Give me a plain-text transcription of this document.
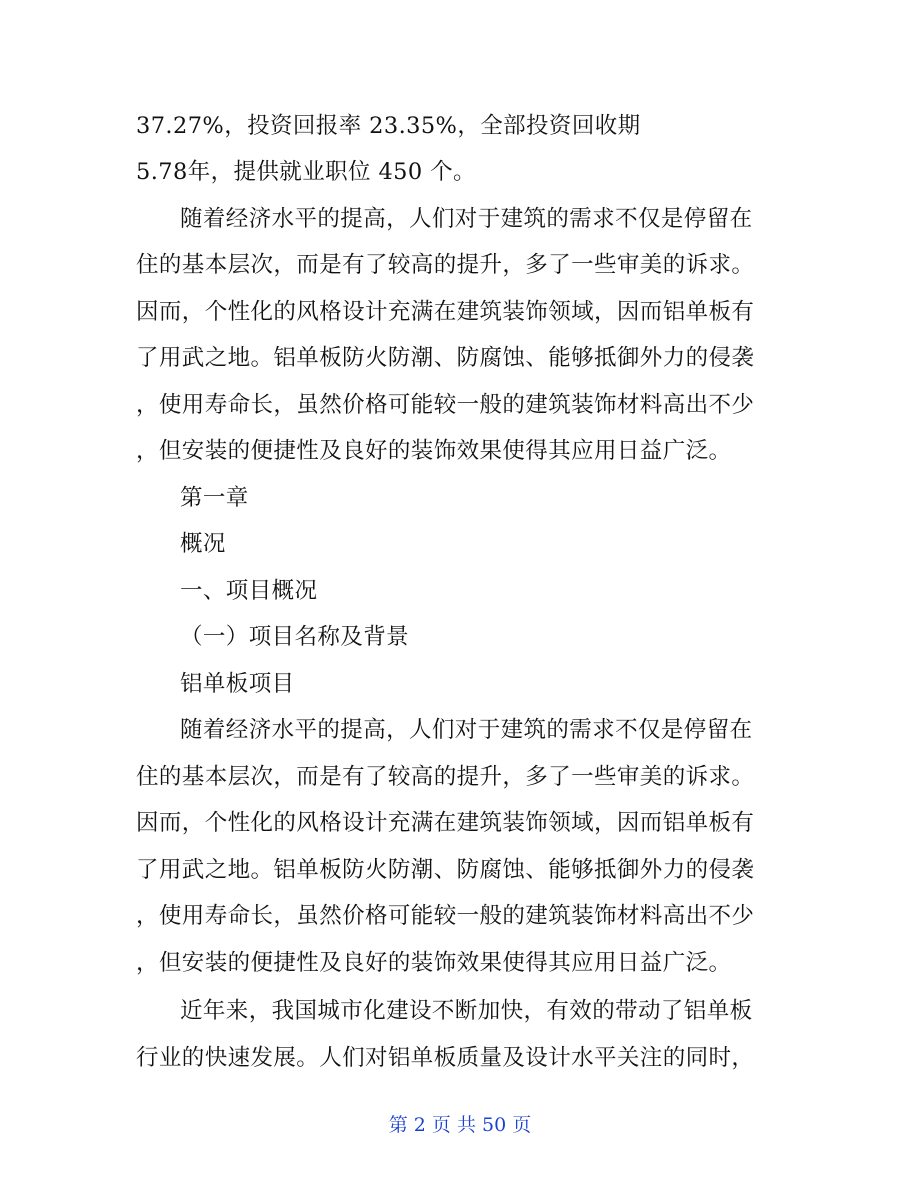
37.27%，投资回报率 23.35%，全部投资回收期
5.78年，提供就业职位 450 个。
随着经济水平的提高，人们对于建筑的需求不仅是停留在
住的基本层次，而是有了较高的提升，多了一些审美的诉求。
因而，个性化的风格设计充满在建筑装饰领域，因而铝单板有
了用武之地。铝单板防火防潮、防腐蚀、能够抵御外力的侵袭
，使用寿命长，虽然价格可能较一般的建筑装饰材料高出不少
，但安装的便捷性及良好的装饰效果使得其应用日益广泛。
第一章
概况
一、项目概况
（一）项目名称及背景
铝单板项目
随着经济水平的提高，人们对于建筑的需求不仅是停留在
住的基本层次，而是有了较高的提升，多了一些审美的诉求。
因而，个性化的风格设计充满在建筑装饰领域，因而铝单板有
了用武之地。铝单板防火防潮、防腐蚀、能够抵御外力的侵袭
，使用寿命长，虽然价格可能较一般的建筑装饰材料高出不少
，但安装的便捷性及良好的装饰效果使得其应用日益广泛。
近年来，我国城市化建设不断加快，有效的带动了铝单板
行业的快速发展。人们对铝单板质量及设计水平关注的同时，
第 2 页 共 50 页
